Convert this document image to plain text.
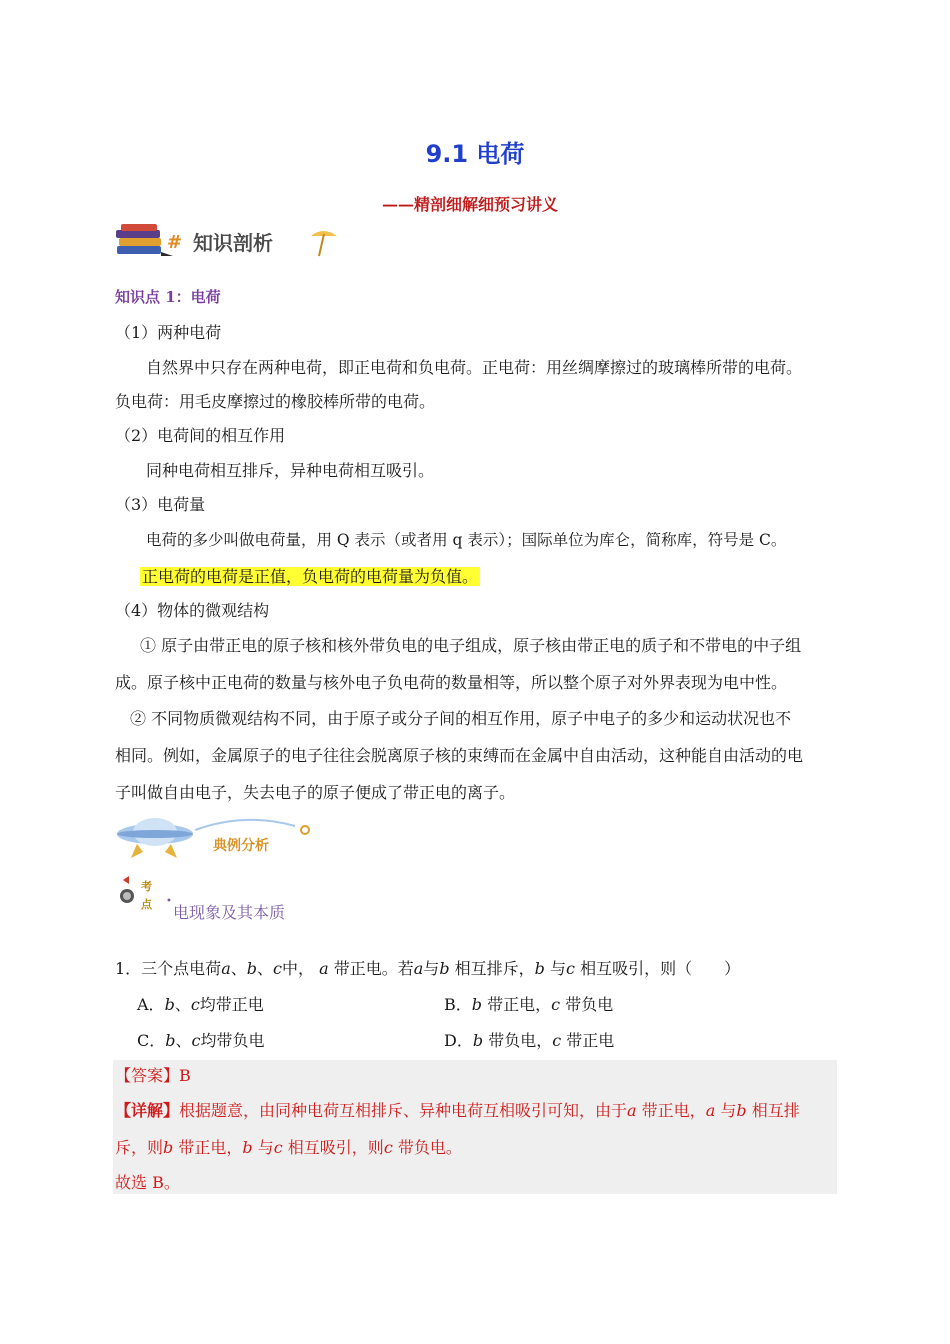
9.1 电荷
——精剖细解细预习讲义
# 知识剖析
知识点 1：电荷
（1）两种电荷
自然界中只存在两种电荷，即正电荷和负电荷。正电荷：用丝绸摩擦过的玻璃棒所带的电荷。
负电荷：用毛皮摩擦过的橡胶棒所带的电荷。
（2）电荷间的相互作用
同种电荷相互排斥，异种电荷相互吸引。
（3）电荷量
电荷的多少叫做电荷量，用 Q 表示（或者用 q 表示）；国际单位为库仑，简称库，符号是 C。
正电荷的电荷是正值，负电荷的电荷量为负值。
（4）物体的微观结构
① 原子由带正电的原子核和核外带负电的电子组成，原子核由带正电的质子和不带电的中子组
成。原子核中正电荷的数量与核外电子负电荷的数量相等，所以整个原子对外界表现为电中性。
② 不同物质微观结构不同，由于原子或分子间的相互作用，原子中电子的多少和运动状况也不
相同。例如，金属原子的电子往往会脱离原子核的束缚而在金属中自由活动，这种能自由活动的电
子叫做自由电子，失去电子的原子便成了带正电的离子。
典例分析
考
点 •
电现象及其本质
1．三个点电荷a、b、c中， a 带正电。若a与b 相互排斥，b 与c 相互吸引，则（　　）
A．b、c均带正电	B．b 带正电，c 带负电
C．b、c均带负电	D．b 带负电，c 带正电
【答案】B
【详解】根据题意，由同种电荷互相排斥、异种电荷互相吸引可知，由于a 带正电，a 与b 相互排
斥，则b 带正电，b 与c 相互吸引，则c 带负电。
故选 B。
